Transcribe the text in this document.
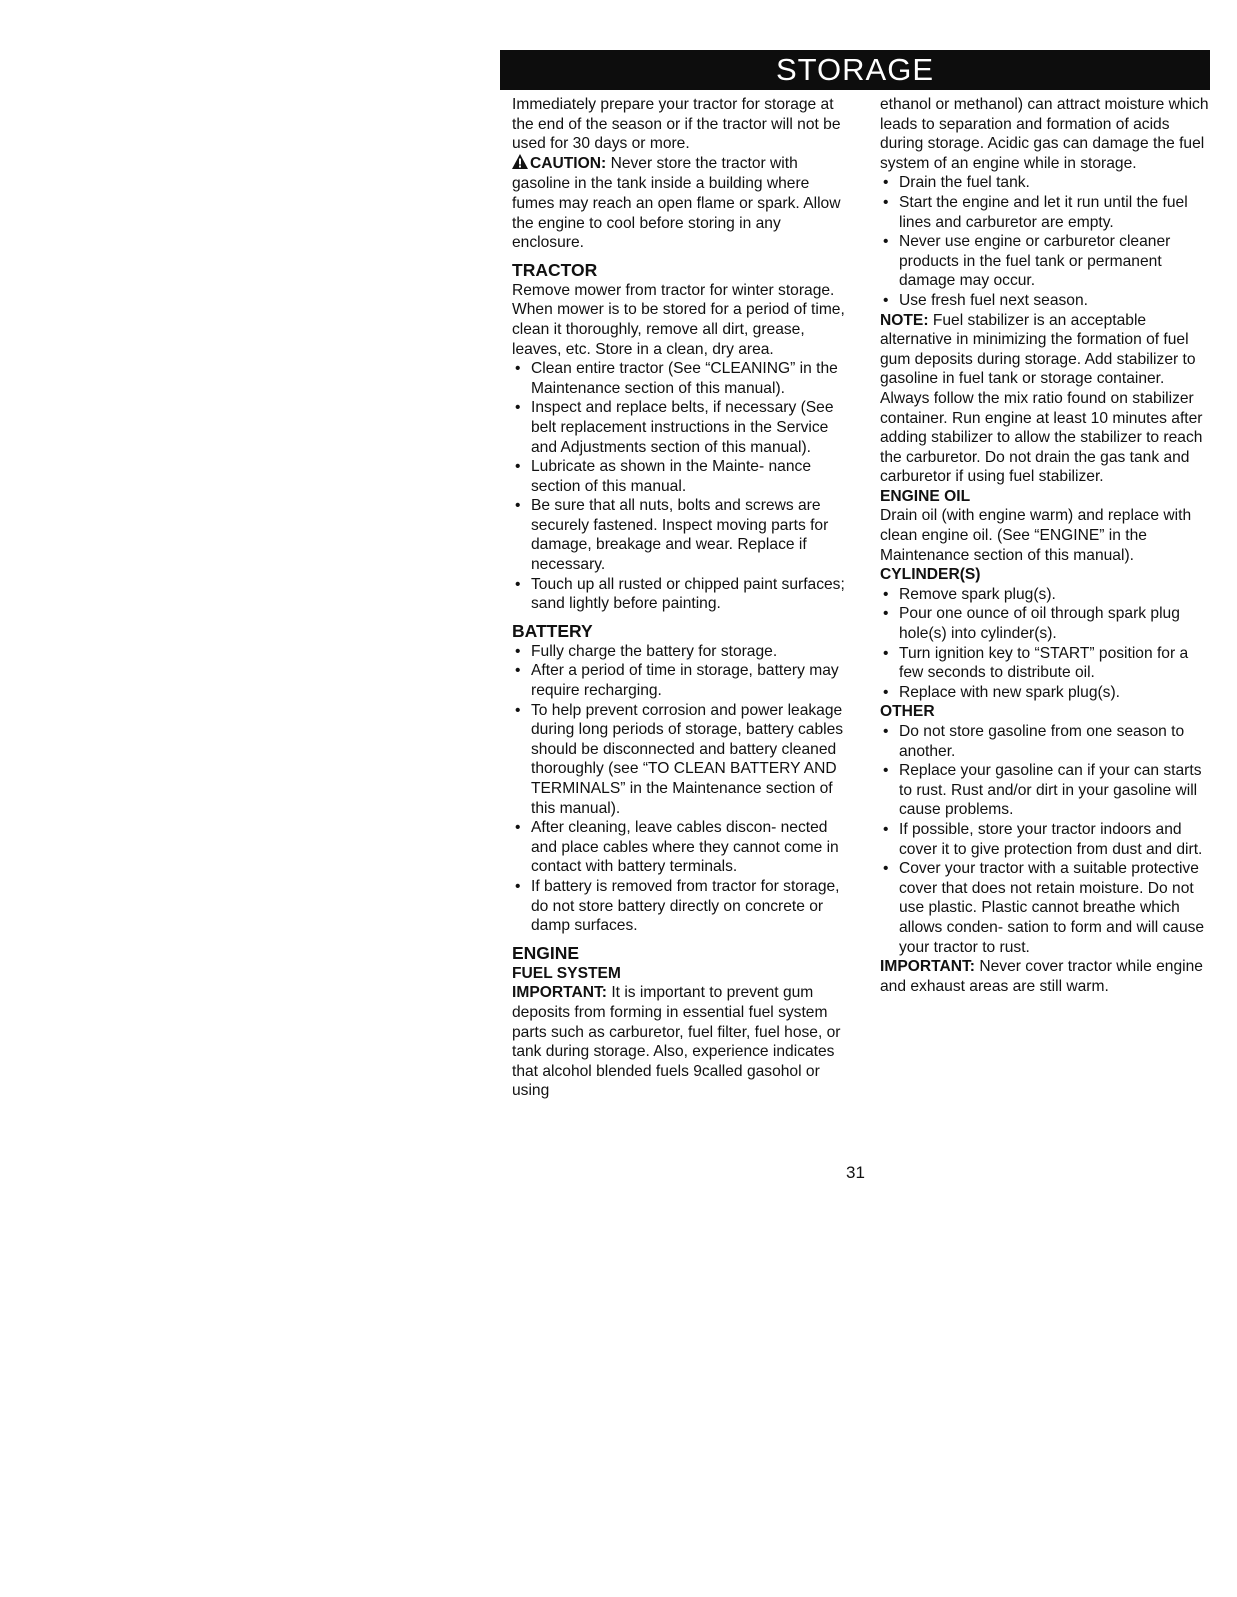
STORAGE

Immediately prepare your tractor for storage at the end of the season or if the tractor will not be used for 30 days or more.

CAUTION: Never store the tractor with gasoline in the tank inside a building where fumes may reach an open flame or spark. Allow the engine to cool before storing in any enclosure.

TRACTOR

Remove mower from tractor for winter storage. When mower is to be stored for a period of time, clean it thoroughly, remove all dirt, grease, leaves, etc. Store in a clean, dry area.

• Clean entire tractor (See “CLEANING” in the Maintenance section of this manual).
• Inspect and replace belts, if necessary (See belt replacement instructions in the Service and Adjustments section of this manual).
• Lubricate as shown in the Mainte- nance section of this manual.
• Be sure that all nuts, bolts and screws are securely fastened. Inspect moving parts for damage, breakage and wear. Replace if necessary.
• Touch up all rusted or chipped paint surfaces; sand lightly before painting.

BATTERY

• Fully charge the battery for storage.
• After a period of time in storage, battery may require recharging.
• To help prevent corrosion and power leakage during long periods of storage, battery cables should be disconnected and battery cleaned thoroughly (see “TO CLEAN BATTERY AND TERMINALS” in the Maintenance section of this manual).
• After cleaning, leave cables discon- nected and place cables where they cannot come in contact with battery terminals.
• If battery is removed from tractor for storage, do not store battery directly on concrete or damp surfaces.

ENGINE

FUEL SYSTEM

IMPORTANT: It is important to prevent gum deposits from forming in essential fuel system parts such as carburetor, fuel filter, fuel hose, or tank during storage. Also, experience indicates that alcohol blended fuels 9called gasohol or using

ethanol or methanol) can attract moisture which leads to separation and formation of acids during storage. Acidic gas can damage the fuel system of an engine while in storage.

• Drain the fuel tank.
• Start the engine and let it run until the fuel lines and carburetor are empty.
• Never use engine or carburetor cleaner products in the fuel tank or permanent damage may occur.
• Use fresh fuel next season.

NOTE: Fuel stabilizer is an acceptable alternative in minimizing the formation of fuel gum deposits during storage. Add stabilizer to gasoline in fuel tank or storage container. Always follow the mix ratio found on stabilizer container. Run engine at least 10 minutes after adding stabilizer to allow the stabilizer to reach the carburetor. Do not drain the gas tank and carburetor if using fuel stabilizer.

ENGINE OIL

Drain oil (with engine warm) and replace with clean engine oil. (See “ENGINE” in the Maintenance section of this manual).

CYLINDER(S)

• Remove spark plug(s).
• Pour one ounce of oil through spark plug hole(s) into cylinder(s).
• Turn ignition key to “START” position for a few seconds to distribute oil.
• Replace with new spark plug(s).

OTHER

• Do not store gasoline from one season to another.
• Replace your gasoline can if your can starts to rust. Rust and/or dirt in your gasoline will cause problems.
• If possible, store your tractor indoors and cover it to give protection from dust and dirt.
• Cover your tractor with a suitable protective cover that does not retain moisture. Do not use plastic. Plastic cannot breathe which allows conden- sation to form and will cause your tractor to rust.

IMPORTANT: Never cover tractor while engine and exhaust areas are still warm.

31
